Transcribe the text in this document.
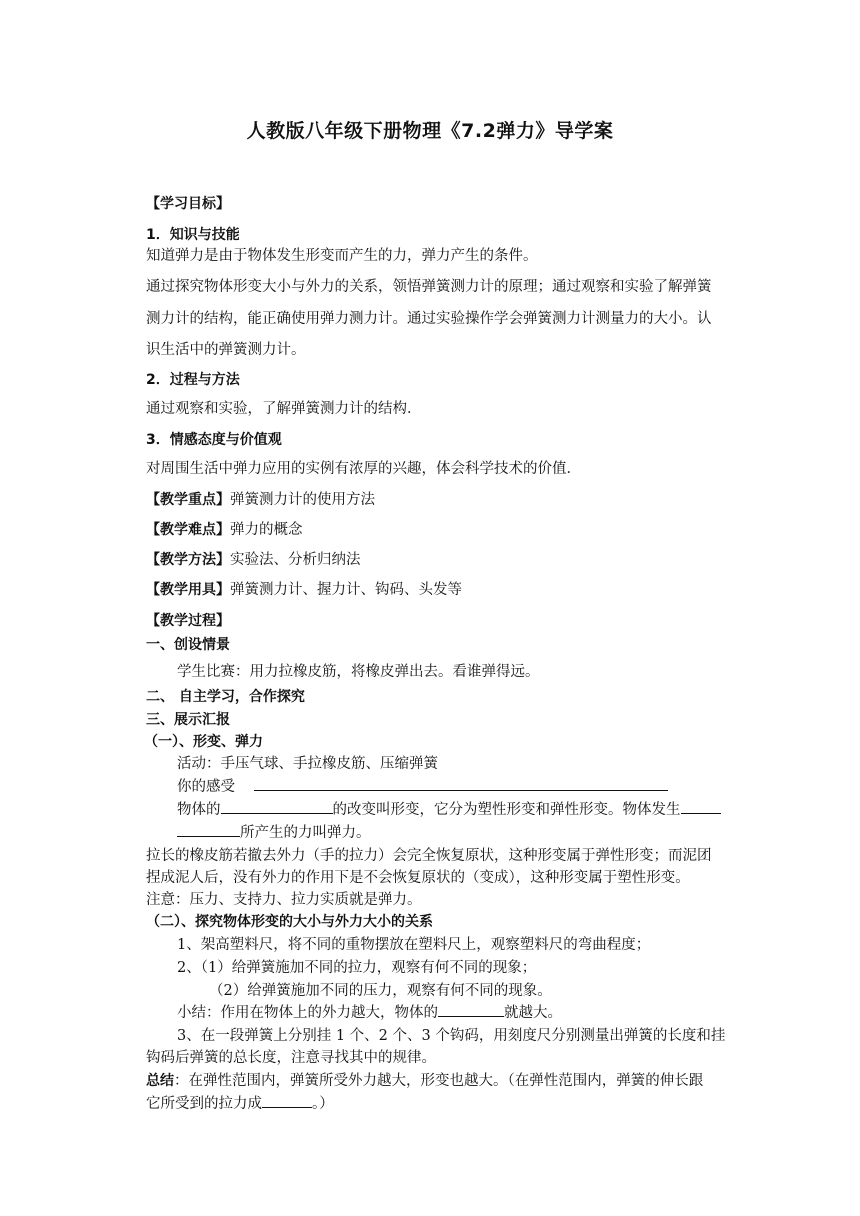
人教版八年级下册物理《7.2弹力》导学案
【学习目标】
1．知识与技能
知道弹力是由于物体发生形变而产生的力，弹力产生的条件。
通过探究物体形变大小与外力的关系，领悟弹簧测力计的原理；通过观察和实验了解弹簧
测力计的结构，能正确使用弹力测力计。通过实验操作学会弹簧测力计测量力的大小。认
识生活中的弹簧测力计。
2．过程与方法
通过观察和实验，了解弹簧测力计的结构．
3．情感态度与价值观
对周围生活中弹力应用的实例有浓厚的兴趣，体会科学技术的价值．
【教学重点】弹簧测力计的使用方法
【教学难点】弹力的概念
【教学方法】实验法、分析归纳法
【教学用具】弹簧测力计、握力计、钩码、头发等
【教学过程】
一、创设情景
学生比赛：用力拉橡皮筋，将橡皮弹出去。看谁弹得远。
二、 自主学习，合作探究
三、展示汇报
（一）、形变、弹力
活动：手压气球、手拉橡皮筋、压缩弹簧
你的感受
物体的	的改变叫形变，它分为塑性形变和弹性形变。物体发生
所产生的力叫弹力。
拉长的橡皮筋若撤去外力（手的拉力）会完全恢复原状，这种形变属于弹性形变；而泥团
捏成泥人后，没有外力的作用下是不会恢复原状的（变成），这种形变属于塑性形变。
注意：压力、支持力、拉力实质就是弹力。
（二）、探究物体形变的大小与外力大小的关系
1、架高塑料尺，将不同的重物摆放在塑料尺上，观察塑料尺的弯曲程度；
2、（1）给弹簧施加不同的拉力，观察有何不同的现象；
（2）给弹簧施加不同的压力，观察有何不同的现象。
小结：作用在物体上的外力越大，物体的	就越大。
3、在一段弹簧上分别挂 1 个、2 个、3 个钩码，用刻度尺分别测量出弹簧的长度和挂
钩码后弹簧的总长度，注意寻找其中的规律。
总结：在弹性范围内，弹簧所受外力越大，形变也越大。（在弹性范围内，弹簧的伸长跟
它所受到的拉力成	。）
